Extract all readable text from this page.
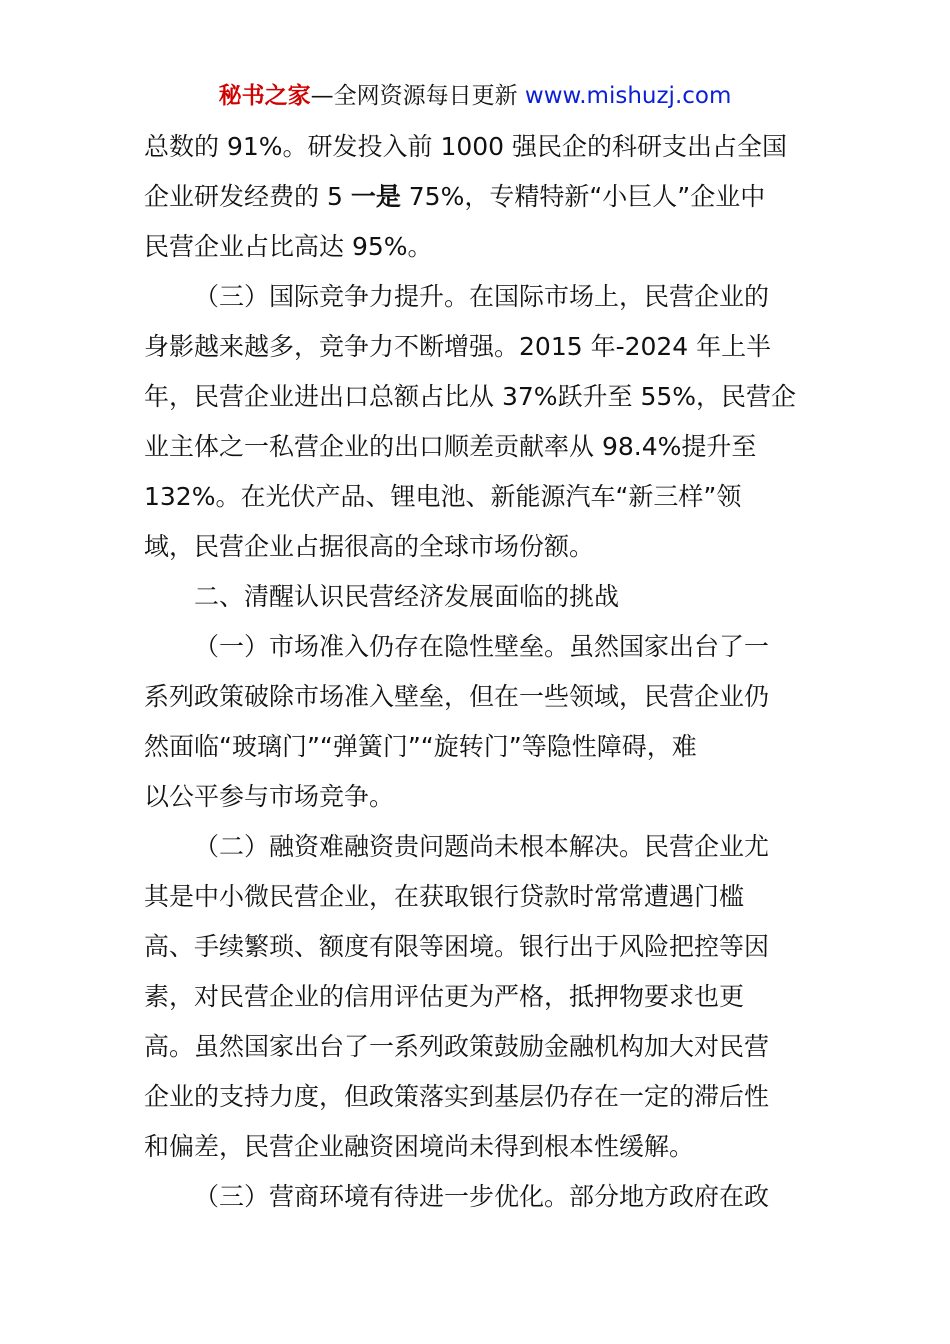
秘书之家—全网资源每日更新 www.mishuzj.com
总数的 91%。研发投入前 1000 强民企的科研支出占全国
企业研发经费的 5 一是 75%，专精特新“小巨人”企业中
民营企业占比高达 95%。
（三）国际竞争力提升。在国际市场上，民营企业的
身影越来越多，竞争力不断增强。2015 年-2024 年上半
年，民营企业进出口总额占比从 37%跃升至 55%，民营企
业主体之一私营企业的出口顺差贡献率从 98.4%提升至
132%。在光伏产品、锂电池、新能源汽车“新三样”领
域，民营企业占据很高的全球市场份额。
二、清醒认识民营经济发展面临的挑战
（一）市场准入仍存在隐性壁垒。虽然国家出台了一
系列政策破除市场准入壁垒，但在一些领域，民营企业仍
然面临“玻璃门”“弹簧门”“旋转门”等隐性障碍，难
以公平参与市场竞争。
（二）融资难融资贵问题尚未根本解决。民营企业尤
其是中小微民营企业，在获取银行贷款时常常遭遇门槛
高、手续繁琐、额度有限等困境。银行出于风险把控等因
素，对民营企业的信用评估更为严格，抵押物要求也更
高。虽然国家出台了一系列政策鼓励金融机构加大对民营
企业的支持力度，但政策落实到基层仍存在一定的滞后性
和偏差，民营企业融资困境尚未得到根本性缓解。
（三）营商环境有待进一步优化。部分地方政府在政
